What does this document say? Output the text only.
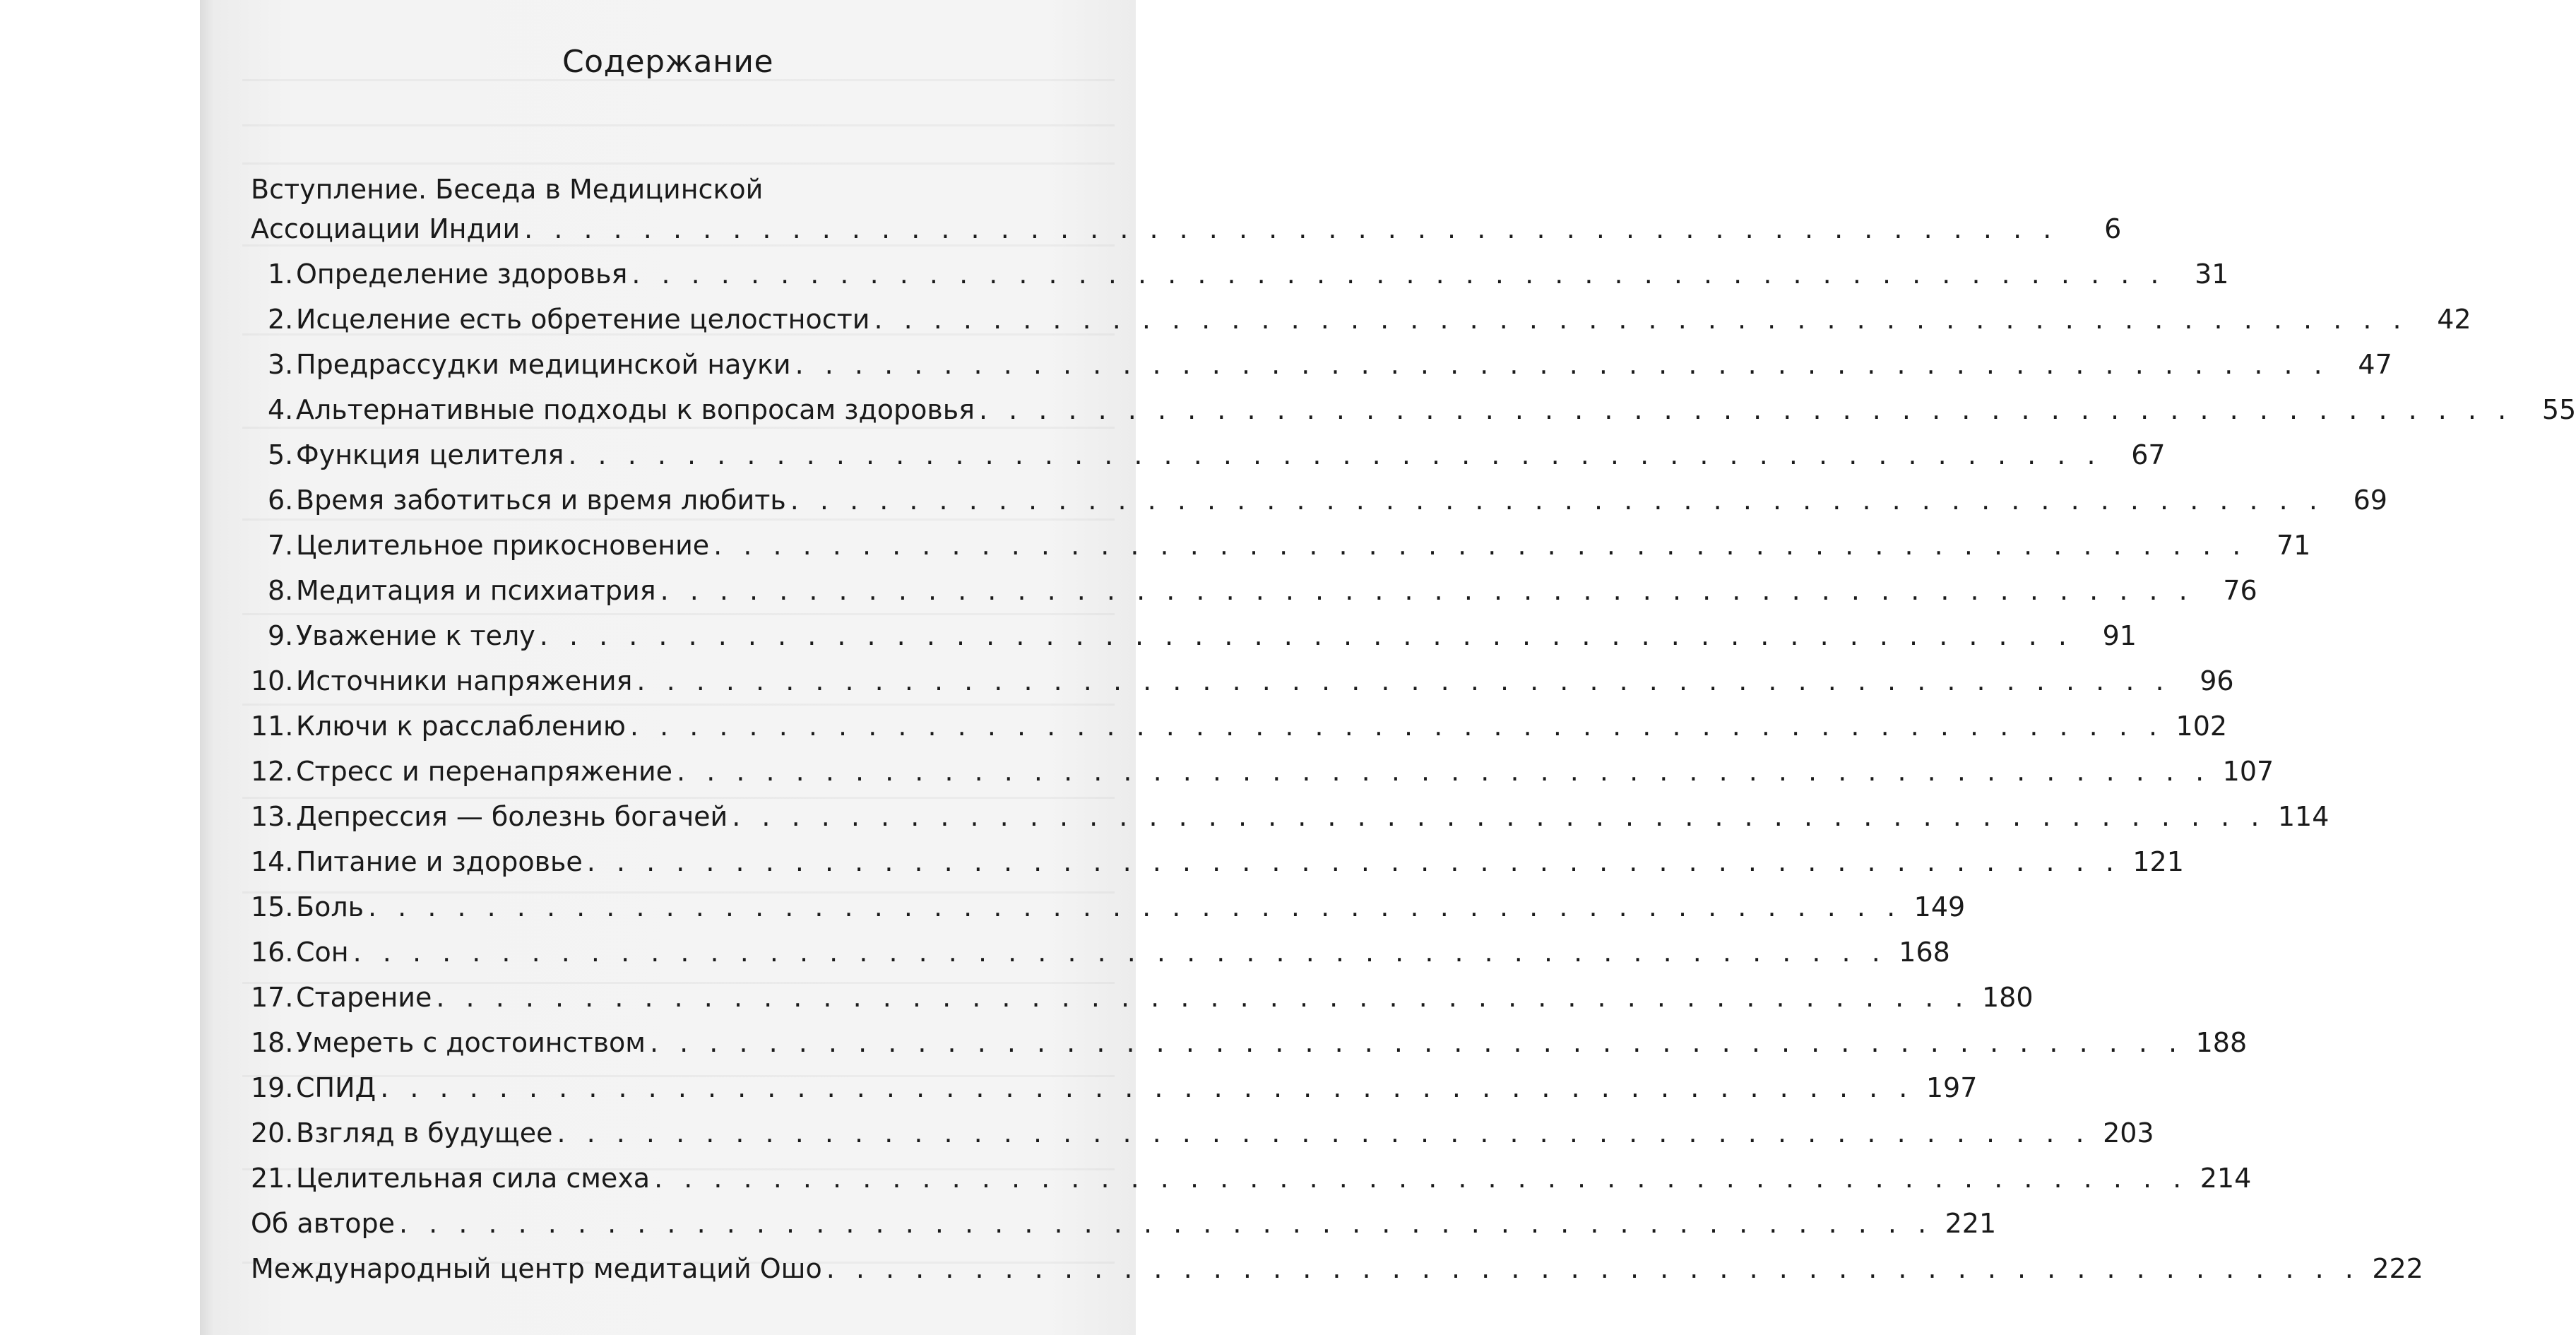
Содержание
Вступление. Беседа в Медицинской
Ассоциации Индии . . . . . . . . . . . . . . . . . . . . . . . . . . . . . . . . . . . . . . . . . . . . . . . . . . . .	6
1. Определение здоровья . . . . . . . . . . . . . . . . . . . . . . . . . . . . . . . . . . . . . . . . . . . . . . . . . . . .	31
2. Исцеление есть обретение целостности . . . . . . . . . . . . . . . . . . . . . . . . . . . . . . . . . . . . . . . . . . . . . . . . . . . .	42
3. Предрассудки медицинской науки . . . . . . . . . . . . . . . . . . . . . . . . . . . . . . . . . . . . . . . . . . . . . . . . . . . .	47
4. Альтернативные подходы к вопросам здоровья . . . . . . . . . . . . . . . . . . . . . . . . . . . . . . . . . . . . . . . . . . . . . . . . . . . .	55
5. Функция целителя . . . . . . . . . . . . . . . . . . . . . . . . . . . . . . . . . . . . . . . . . . . . . . . . . . . .	67
6. Время заботиться и время любить . . . . . . . . . . . . . . . . . . . . . . . . . . . . . . . . . . . . . . . . . . . . . . . . . . . .	69
7. Целительное прикосновение . . . . . . . . . . . . . . . . . . . . . . . . . . . . . . . . . . . . . . . . . . . . . . . . . . . .	71
8. Медитация и психиатрия . . . . . . . . . . . . . . . . . . . . . . . . . . . . . . . . . . . . . . . . . . . . . . . . . . . .	76
9. Уважение к телу . . . . . . . . . . . . . . . . . . . . . . . . . . . . . . . . . . . . . . . . . . . . . . . . . . . .	91
10. Источники напряжения . . . . . . . . . . . . . . . . . . . . . . . . . . . . . . . . . . . . . . . . . . . . . . . . . . . .	96
11. Ключи к расслаблению . . . . . . . . . . . . . . . . . . . . . . . . . . . . . . . . . . . . . . . . . . . . . . . . . . . . 102
12. Стресс и перенапряжение . . . . . . . . . . . . . . . . . . . . . . . . . . . . . . . . . . . . . . . . . . . . . . . . . . . . 107
13. Депрессия — болезнь богачей . . . . . . . . . . . . . . . . . . . . . . . . . . . . . . . . . . . . . . . . . . . . . . . . . . . . 114
14. Питание и здоровье . . . . . . . . . . . . . . . . . . . . . . . . . . . . . . . . . . . . . . . . . . . . . . . . . . . . 121
15. Боль . . . . . . . . . . . . . . . . . . . . . . . . . . . . . . . . . . . . . . . . . . . . . . . . . . . . 149
16. Сон . . . . . . . . . . . . . . . . . . . . . . . . . . . . . . . . . . . . . . . . . . . . . . . . . . . . 168
17. Старение . . . . . . . . . . . . . . . . . . . . . . . . . . . . . . . . . . . . . . . . . . . . . . . . . . . . 180
18. Умереть с достоинством . . . . . . . . . . . . . . . . . . . . . . . . . . . . . . . . . . . . . . . . . . . . . . . . . . . . 188
19. СПИД . . . . . . . . . . . . . . . . . . . . . . . . . . . . . . . . . . . . . . . . . . . . . . . . . . . . 197
20. Взгляд в будущее . . . . . . . . . . . . . . . . . . . . . . . . . . . . . . . . . . . . . . . . . . . . . . . . . . . . 203
21. Целительная сила смеха . . . . . . . . . . . . . . . . . . . . . . . . . . . . . . . . . . . . . . . . . . . . . . . . . . . . 214
Об авторе . . . . . . . . . . . . . . . . . . . . . . . . . . . . . . . . . . . . . . . . . . . . . . . . . . . . 221
Международный центр медитаций Ошо . . . . . . . . . . . . . . . . . . . . . . . . . . . . . . . . . . . . . . . . . . . . . . . . . . . . 222
